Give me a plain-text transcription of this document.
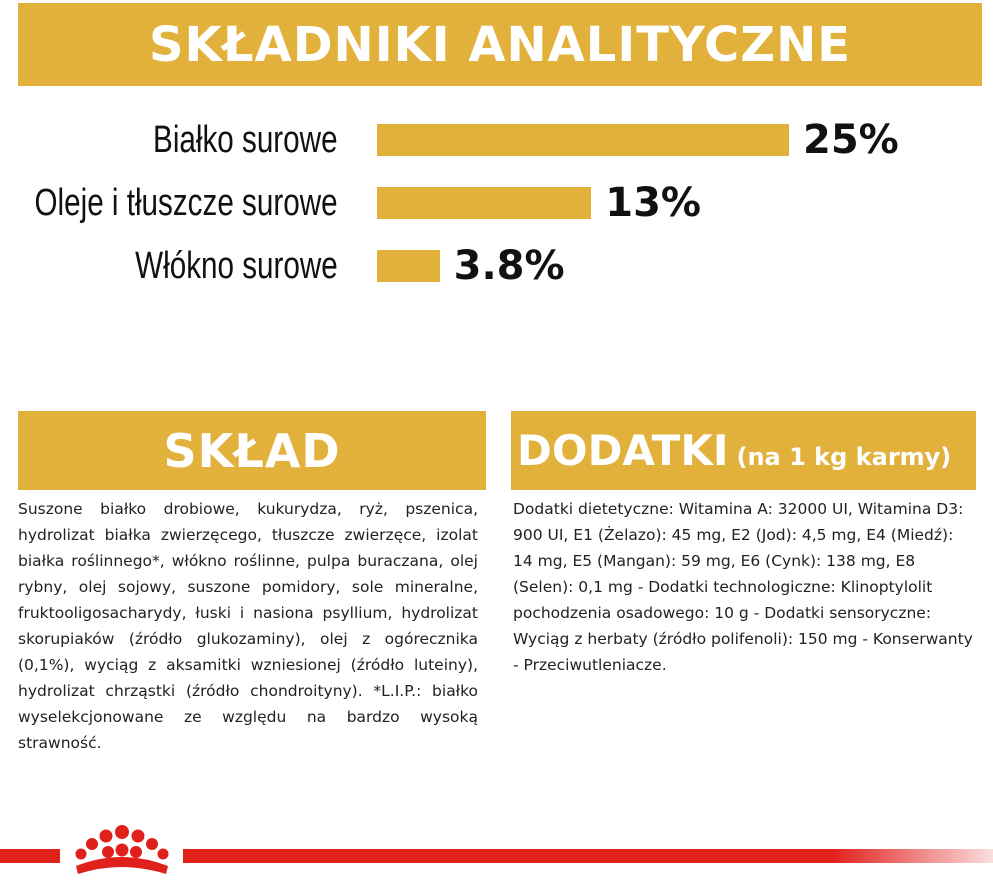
SKŁADNIKI ANALITYCZNE
Białko surowe	25%
Oleje i tłuszcze surowe	13%
Włókno surowe	3.8%
SKŁAD	DODATKI (na 1 kg karmy)
Suszone białko drobiowe, kukurydza, ryż, pszenica, hydrolizat białka zwierzęcego, tłuszcze zwierzęce, izolat białka roślinnego*, włókno roślinne, pulpa buraczana, olej rybny, olej sojowy, suszone pomidory, sole mineralne, fruktooligosacharydy, łuski i nasiona psyllium, hydrolizat skorupiaków (źródło glukozaminy), olej z ogórecznika (0,1%), wyciąg z aksamitki wzniesionej (źródło luteiny), hydrolizat chrząstki (źródło chondroityny). *L.I.P.: białko wyselekcjonowane ze względu na bardzo wysoką strawność.
Dodatki dietetyczne: Witamina A: 32000 UI, Witamina D3: 900 UI, E1 (Żelazo): 45 mg, E2 (Jod): 4,5 mg, E4 (Miedź): 14 mg, E5 (Mangan): 59 mg, E6 (Cynk): 138 mg, E8 (Selen): 0,1 mg - Dodatki technologiczne: Klinoptylolit pochodzenia osadowego: 10 g - Dodatki sensoryczne: Wyciąg z herbaty (źródło polifenoli): 150 mg - Konserwanty - Przeciwutleniacze.
